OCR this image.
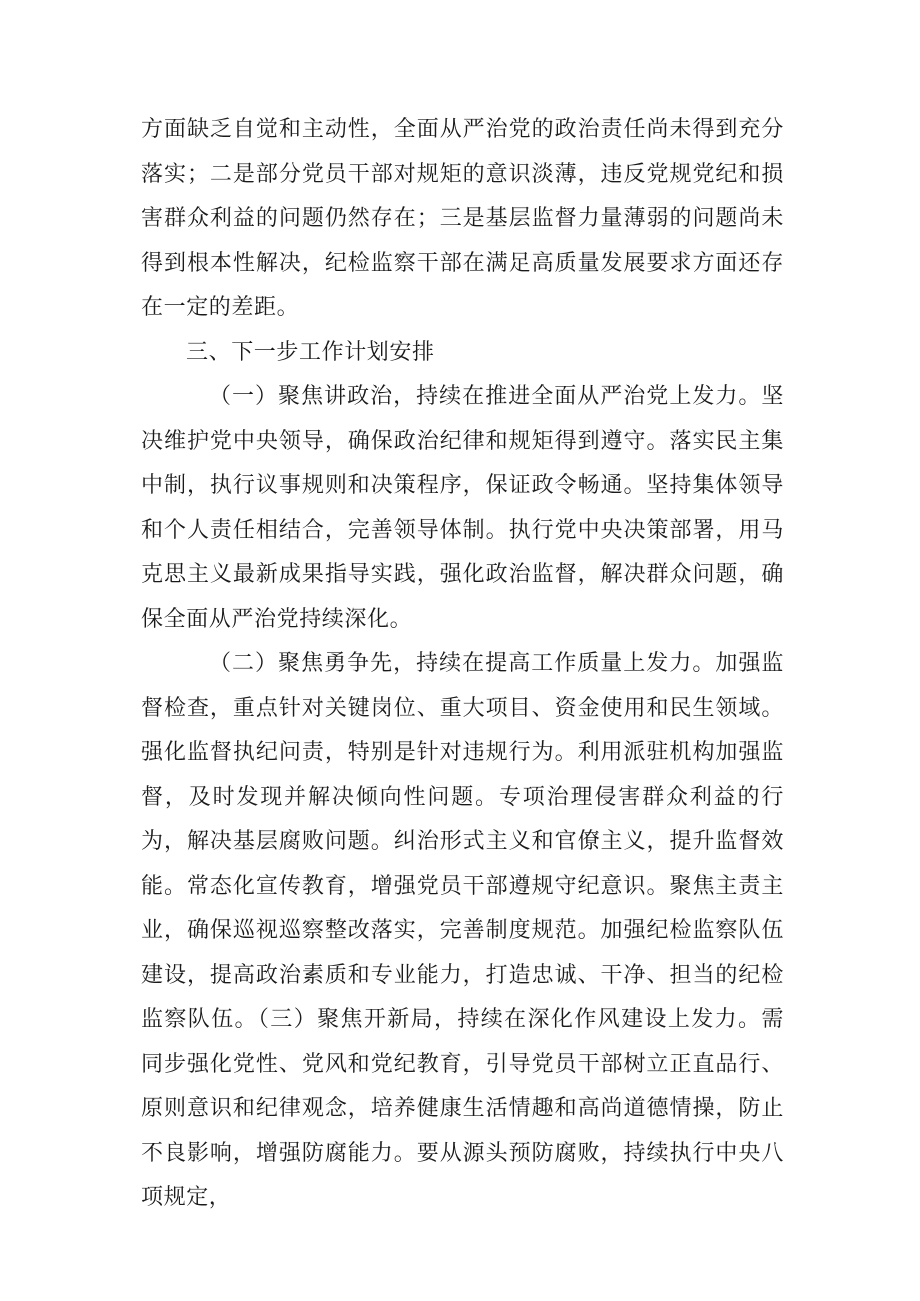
方面缺乏自觉和主动性，全面从严治党的政治责任尚未得到充分落实；二是部分党员干部对规矩的意识淡薄，违反党规党纪和损害群众利益的问题仍然存在；三是基层监督力量薄弱的问题尚未得到根本性解决，纪检监察干部在满足高质量发展要求方面还存在一定的差距。

三、下一步工作计划安排

（一）聚焦讲政治，持续在推进全面从严治党上发力。坚决维护党中央领导，确保政治纪律和规矩得到遵守。落实民主集中制，执行议事规则和决策程序，保证政令畅通。坚持集体领导和个人责任相结合，完善领导体制。执行党中央决策部署，用马克思主义最新成果指导实践，强化政治监督，解决群众问题，确保全面从严治党持续深化。

（二）聚焦勇争先，持续在提高工作质量上发力。加强监督检查，重点针对关键岗位、重大项目、资金使用和民生领域。强化监督执纪问责，特别是针对违规行为。利用派驻机构加强监督，及时发现并解决倾向性问题。专项治理侵害群众利益的行为，解决基层腐败问题。纠治形式主义和官僚主义，提升监督效能。常态化宣传教育，增强党员干部遵规守纪意识。聚焦主责主业，确保巡视巡察整改落实，完善制度规范。加强纪检监察队伍建设，提高政治素质和专业能力，打造忠诚、干净、担当的纪检监察队伍。（三）聚焦开新局，持续在深化作风建设上发力。需同步强化党性、党风和党纪教育，引导党员干部树立正直品行、原则意识和纪律观念，培养健康生活情趣和高尚道德情操，防止不良影响，增强防腐能力。要从源头预防腐败，持续执行中央八项规定，
